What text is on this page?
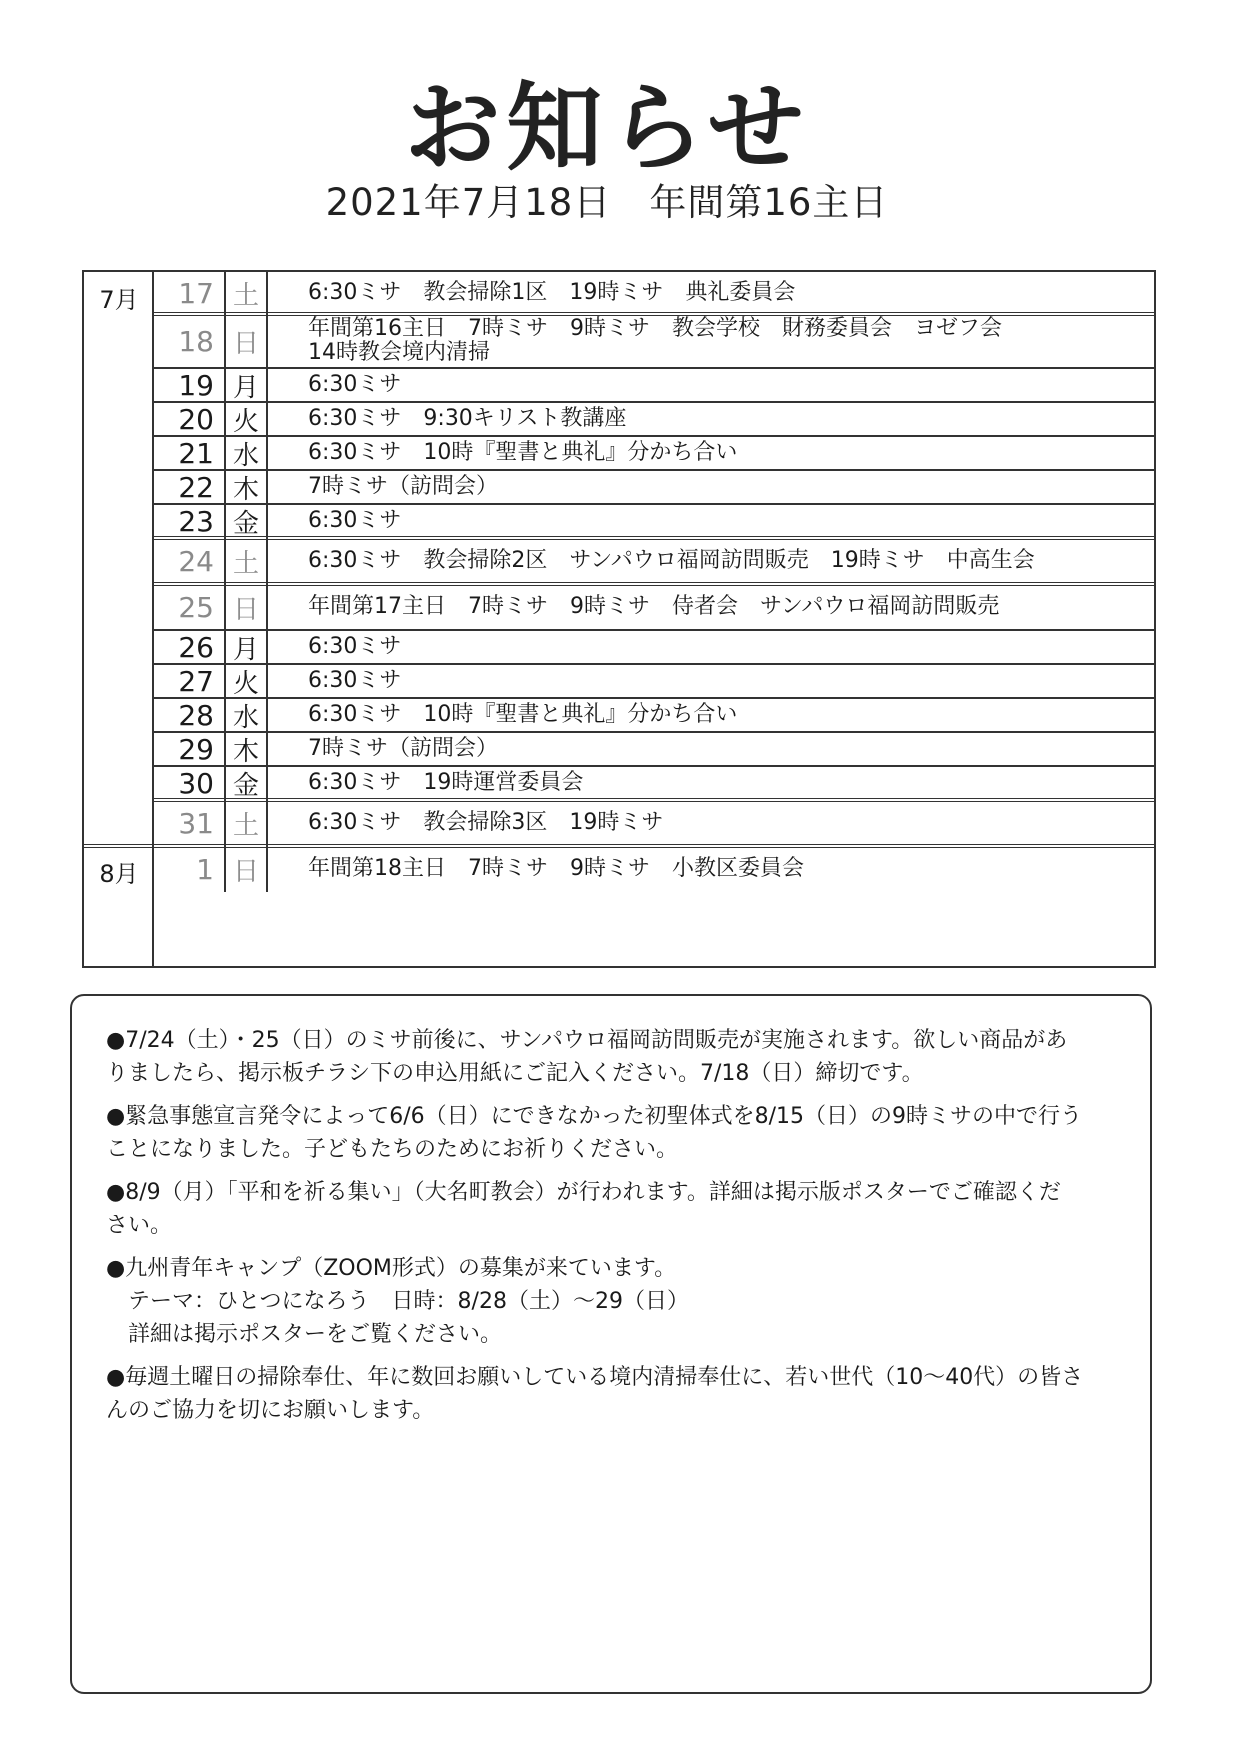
お知らせ
2021年7月18日　年間第16主日
7月
8月
17 土	6:30ミサ　教会掃除1区　19時ミサ　典礼委員会
18 日	年間第16主日　7時ミサ　9時ミサ　教会学校　財務委員会　ヨゼフ会
14時教会境内清掃
19 月	6:30ミサ
20 火	6:30ミサ　9:30キリスト教講座
21 水	6:30ミサ　10時『聖書と典礼』分かち合い
22 木	7時ミサ（訪問会）
23 金	6:30ミサ
24 土	6:30ミサ　教会掃除2区　サンパウロ福岡訪問販売　19時ミサ　中高生会
25 日	年間第17主日　7時ミサ　9時ミサ　侍者会　サンパウロ福岡訪問販売
26 月	6:30ミサ
27 火	6:30ミサ
28 水	6:30ミサ　10時『聖書と典礼』分かち合い
29 木	7時ミサ（訪問会）
30 金	6:30ミサ　19時運営委員会
31 土	6:30ミサ　教会掃除3区　19時ミサ
1 日	年間第18主日　7時ミサ　9時ミサ　小教区委員会
●7/24（土）・25（日）のミサ前後に、サンパウロ福岡訪問販売が実施されます。欲しい商品があ
りましたら、掲示板チラシ下の申込用紙にご記入ください。7/18（日）締切です。
●緊急事態宣言発令によって6/6（日）にできなかった初聖体式を8/15（日）の9時ミサの中で行う
ことになりました。子どもたちのためにお祈りください。
●8/9（月）「平和を祈る集い」（大名町教会）が行われます。詳細は掲示版ポスターでご確認くだ
さい。
●九州青年キャンプ（ZOOM形式）の募集が来ています。
テーマ：ひとつになろう　日時：8/28（土）～29（日）
詳細は掲示ポスターをご覧ください。
●毎週土曜日の掃除奉仕、年に数回お願いしている境内清掃奉仕に、若い世代（10～40代）の皆さ
んのご協力を切にお願いします。
